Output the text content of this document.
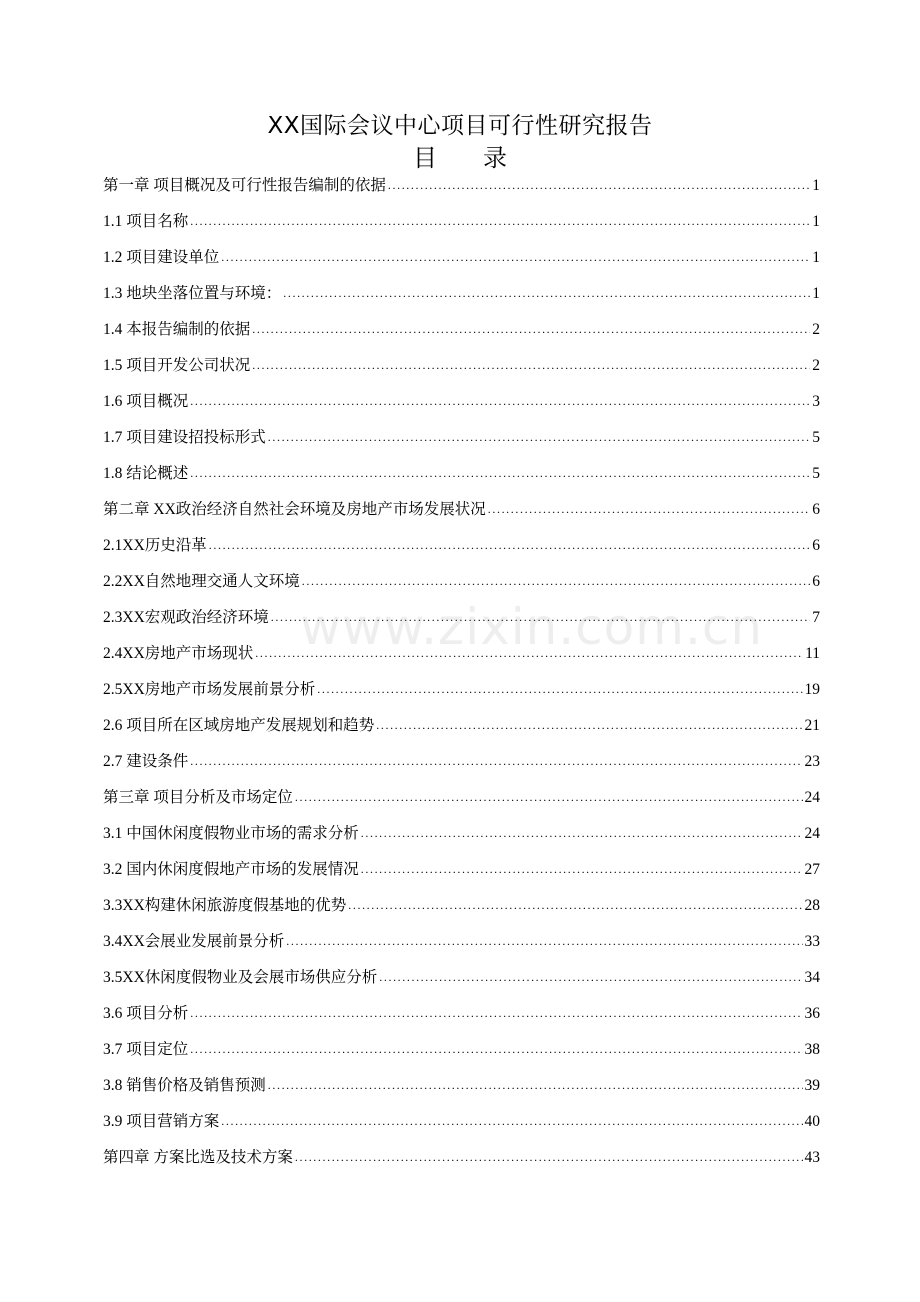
XX国际会议中心项目可行性研究报告
目 录
第一章 项目概况及可行性报告编制的依据 .....	1
1.1 项目名称 .....	1
1.2 项目建设单位 .....	1
1.3 地块坐落位置与环境： .....	1
1.4 本报告编制的依据 .....	2
1.5 项目开发公司状况 .....	2
1.6 项目概况 .....	3
1.7 项目建设招投标形式 .....	5
1.8 结论概述 .....	5
第二章 XX政治经济自然社会环境及房地产市场发展状况 .....	6
2.1XX历史沿革 .....	6
2.2XX自然地理交通人文环境 .....	6
2.3XX宏观政治经济环境 .....	7
2.4XX房地产市场现状 .....	11
2.5XX房地产市场发展前景分析 .....	19
2.6 项目所在区域房地产发展规划和趋势 .....	21
2.7 建设条件 .....	23
第三章 项目分析及市场定位 .....	24
3.1 中国休闲度假物业市场的需求分析 .....	24
3.2 国内休闲度假地产市场的发展情况 .....	27
3.3XX构建休闲旅游度假基地的优势 .....	28
3.4XX会展业发展前景分析 .....	33
3.5XX休闲度假物业及会展市场供应分析 .....	34
3.6 项目分析 .....	36
3.7 项目定位 .....	38
3.8 销售价格及销售预测 .....	39
3.9 项目营销方案 .....	40
第四章 方案比选及技术方案 .....	43
www.zixin.com.cn
